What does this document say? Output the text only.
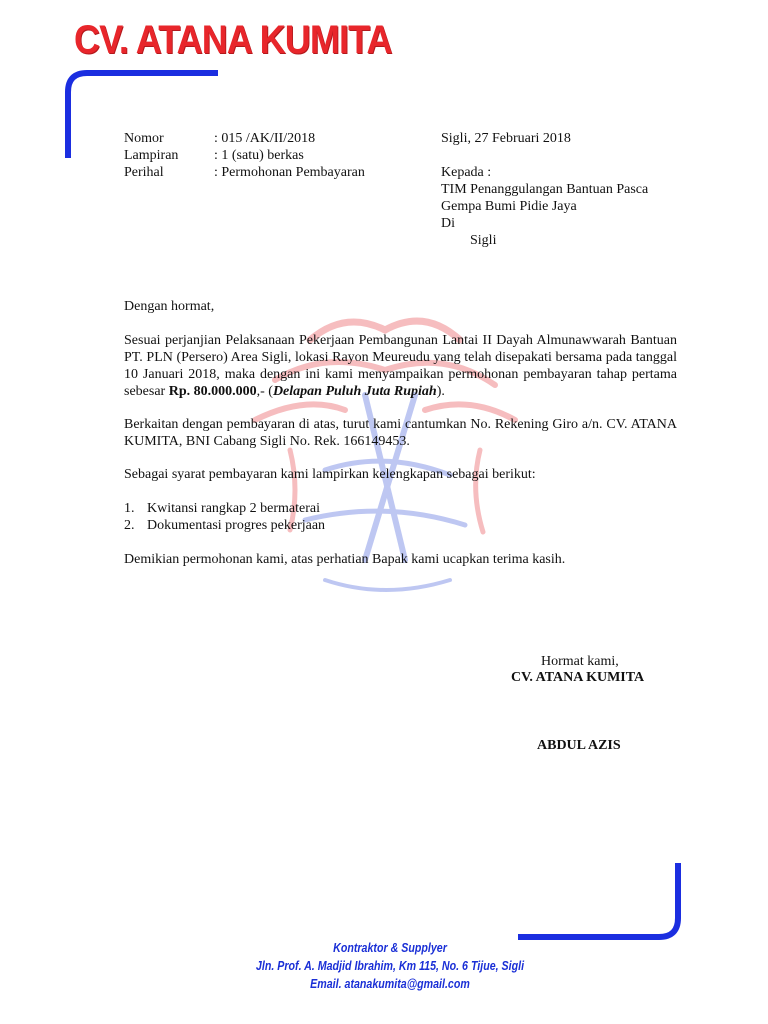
CV. ATANA KUMITA
Nomor	: 015 /AK/II/2018
Lampiran	: 1 (satu) berkas
Perihal	: Permohonan Pembayaran
Sigli, 27 Februari 2018
Kepada :
TIM Penanggulangan Bantuan Pasca
Gempa Bumi Pidie Jaya
Di
Sigli
Dengan hormat,
Sesuai perjanjian Pelaksanaan Pekerjaan Pembangunan Lantai II Dayah Almunawwarah Bantuan PT. PLN (Persero) Area Sigli, lokasi Rayon Meureudu yang telah disepakati bersama pada tanggal 10 Januari 2018, maka dengan ini kami menyampaikan permohonan pembayaran tahap pertama sebesar Rp. 80.000.000,- (Delapan Puluh Juta Rupiah).
Berkaitan dengan pembayaran di atas, turut kami cantumkan No. Rekening Giro a/n. CV. ATANA KUMITA, BNI Cabang Sigli No. Rek. 166149453.
Sebagai syarat pembayaran kami lampirkan kelengkapan sebagai berikut:
1. Kwitansi rangkap 2 bermaterai
2. Dokumentasi progres pekerjaan
Demikian permohonan kami, atas perhatian Bapak kami ucapkan terima kasih.
Hormat kami,
CV. ATANA KUMITA
ABDUL AZIS
Kontraktor & Supplyer
Jln. Prof. A. Madjid Ibrahim, Km 115, No. 6 Tijue, Sigli
Email. atanakumita@gmail.com
